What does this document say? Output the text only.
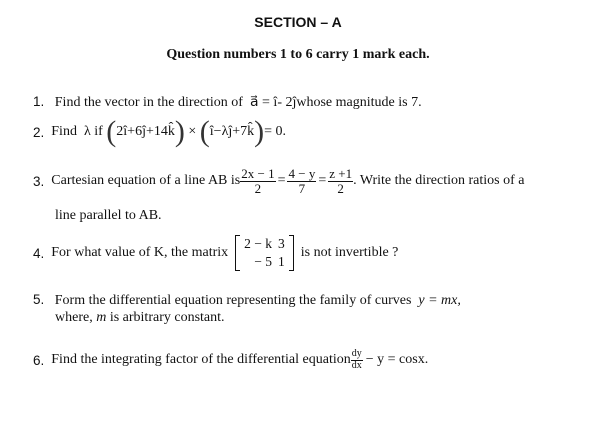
SECTION – A
Question numbers 1 to 6 carry 1 mark each.
1. Find the vector in the direction of a⃗ = î- 2ĵwhose magnitude is 7.
2.
Find
λ if
( 2î+6ĵ+14k̂ )
×
( î−λĵ+7k̂ ) = 0.
3.
Cartesian equation of a line AB is $\frac{2x - 1}{2} = \frac{4 - y}{7} = \frac{z +1}{2}$ . Write the direction ratios of a
line parallel to AB.
4.
For what value of K, the matrix

2 − k	3
− 5	1

is not invertible ?
5. Form the differential equation representing the family of curves y = mx,
where, m is arbitrary constant.
6.
Find the integrating factor of the differential equation $\frac{dy}{dx} - y = \cos x$.
